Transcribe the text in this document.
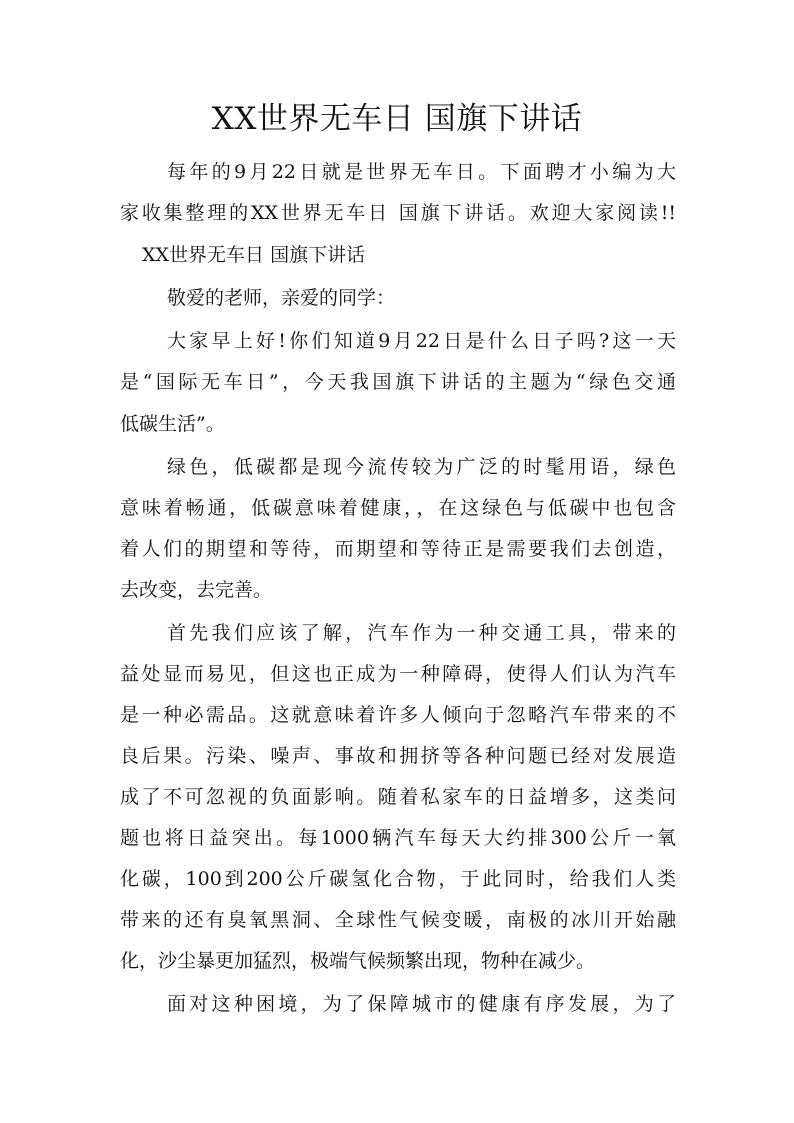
XX世界无车日 国旗下讲话
每年的9月22日就是世界无车日。下面聘才小编为大
家收集整理的XX世界无车日 国旗下讲话。欢迎大家阅读!!
XX世界无车日 国旗下讲话
敬爱的老师，亲爱的同学：
大家早上好!你们知道9月22日是什么日子吗?这一天
是“国际无车日”，今天我国旗下讲话的主题为“绿色交通
低碳生活”。
绿色，低碳都是现今流传较为广泛的时髦用语，绿色
意味着畅通，低碳意味着健康，，在这绿色与低碳中也包含
着人们的期望和等待，而期望和等待正是需要我们去创造，
去改变，去完善。
首先我们应该了解，汽车作为一种交通工具，带来的
益处显而易见，但这也正成为一种障碍，使得人们认为汽车
是一种必需品。这就意味着许多人倾向于忽略汽车带来的不
良后果。污染、噪声、事故和拥挤等各种问题已经对发展造
成了不可忽视的负面影响。随着私家车的日益增多，这类问
题也将日益突出。每1000辆汽车每天大约排300公斤一氧
化碳，100到200公斤碳氢化合物，于此同时，给我们人类
带来的还有臭氧黑洞、全球性气候变暖，南极的冰川开始融
化，沙尘暴更加猛烈，极端气候频繁出现，物种在减少。
面对这种困境，为了保障城市的健康有序发展，为了
